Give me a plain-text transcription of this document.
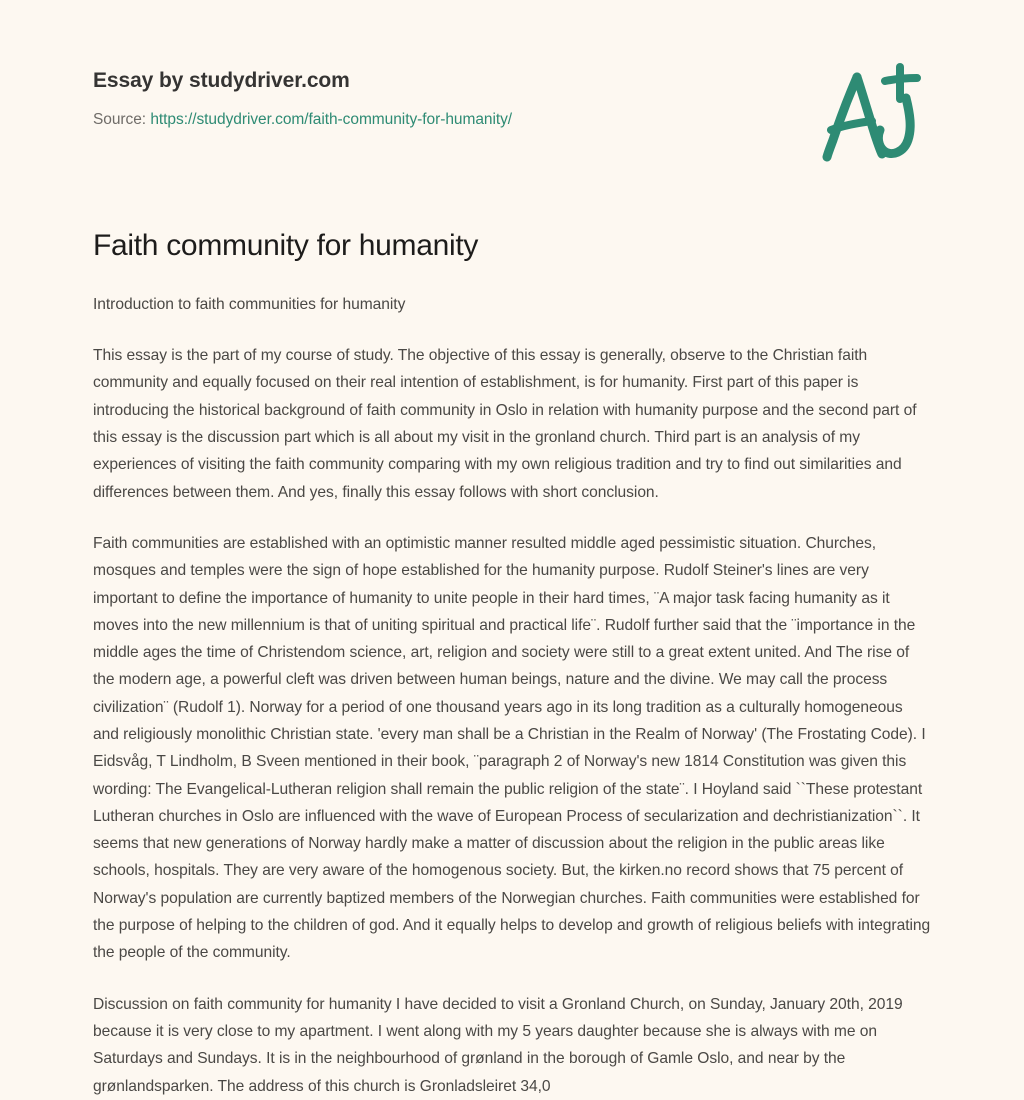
Essay by studydriver.com
Source: https://studydriver.com/faith-community-for-humanity/
Faith community for humanity

Introduction to faith communities for humanity

This essay is the part of my course of study. The objective of this essay is generally, observe to the Christian faith community and equally focused on their real intention of establishment, is for humanity. First part of this paper is introducing the historical background of faith community in Oslo in relation with humanity purpose and the second part of this essay is the discussion part which is all about my visit in the gronland church. Third part is an analysis of my experiences of visiting the faith community comparing with my own religious tradition and try to find out similarities and differences between them. And yes, finally this essay follows with short conclusion.

Faith communities are established with an optimistic manner resulted middle aged pessimistic situation. Churches, mosques and temples were the sign of hope established for the humanity purpose. Rudolf Steiner's lines are very important to define the importance of humanity to unite people in their hard times, ¨A major task facing humanity as it moves into the new millennium is that of uniting spiritual and practical life¨. Rudolf further said that the ¨importance in the middle ages the time of Christendom science, art, religion and society were still to a great extent united. And The rise of the modern age, a powerful cleft was driven between human beings, nature and the divine. We may call the process civilization¨ (Rudolf 1). Norway for a period of one thousand years ago in its long tradition as a culturally homogeneous and religiously monolithic Christian state. 'every man shall be a Christian in the Realm of Norway' (The Frostating Code). I Eidsvåg, T Lindholm, B Sveen mentioned in their book, ¨paragraph 2 of Norway's new 1814 Constitution was given this wording: The Evangelical-Lutheran religion shall remain the public religion of the state¨. I Hoyland said ``These protestant Lutheran churches in Oslo are influenced with the wave of European Process of secularization and dechristianization``. It seems that new generations of Norway hardly make a matter of discussion about the religion in the public areas like schools, hospitals. They are very aware of the homogenous society. But, the kirken.no record shows that 75 percent of Norway's population are currently baptized members of the Norwegian churches. Faith communities were established for the purpose of helping to the children of god. And it equally helps to develop and growth of religious beliefs with integrating the people of the community.

Discussion on faith community for humanity I have decided to visit a Gronland Church, on Sunday, January 20th, 2019 because it is very close to my apartment. I went along with my 5 years daughter because she is always with me on Saturdays and Sundays. It is in the neighbourhood of grønland in the borough of Gamle Oslo, and near by the grønlandsparken. The address of this church is Gronladsleiret 34,0
